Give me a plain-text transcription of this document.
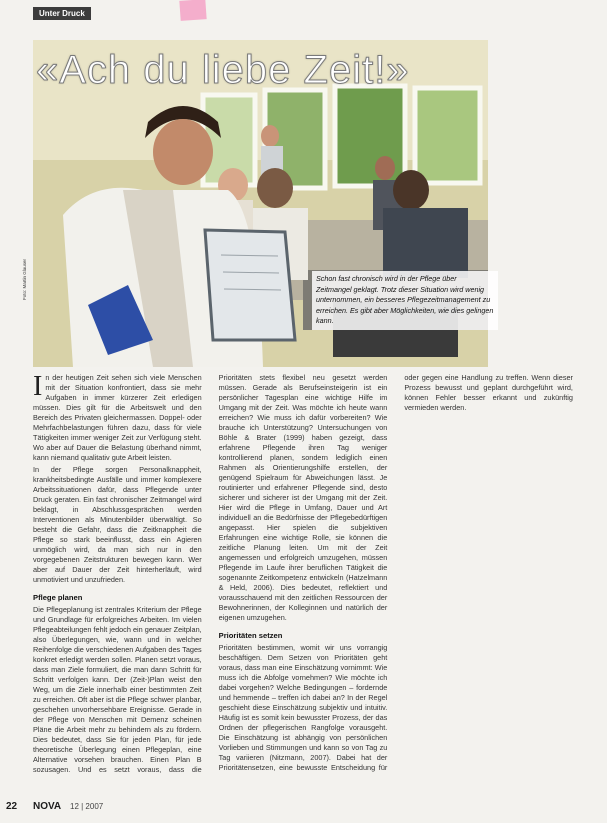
Unter Druck
«Ach du liebe Zeit!»
Schon fast chronisch wird in der Pflege über Zeitmangel geklagt. Trotz dieser Situation wird wenig unternommen, ein besseres Pflegezeitmanagement zu erreichen. Es gibt aber Möglichkeiten, wie dies gelingen kann.
Foto: Martin Glauser

In der heutigen Zeit sehen sich viele Menschen mit der Situation konfrontiert, dass sie mehr Aufgaben in immer kürzerer Zeit erledigen müssen. Dies gilt für die Arbeitswelt und den Bereich des Privaten gleichermassen. Doppel- oder Mehrfachbelastungen führen dazu, dass für viele Tätigkeiten immer weniger Zeit zur Verfügung steht. Wo aber auf Dauer die Belastung überhand nimmt, kann niemand qualitativ gute Arbeit leisten.

In der Pflege sorgen Personalknappheit, krankheitsbedingte Ausfälle und immer komplexere Arbeitssituationen dafür, dass Pflegende unter Druck geraten. Ein fast chronischer Zeitmangel wird beklagt, in Abschlussgesprächen werden Interventionen als Minutenbilder überwältigt. So besteht die Gefahr, dass die Zeitknappheit die Pflege so stark beeinflusst, dass ein Agieren unmöglich wird, da man sich nur in den vorgegebenen Zeitstrukturen bewegen kann. Wer aber auf Dauer der Zeit hinterherläuft, wird unmotiviert und unzufrieden.

Pflege planen

Die Pflegeplanung ist zentrales Kriterium der Pflege und Grundlage für erfolgreiches Arbeiten. Im vielen Pflegeabteilungen fehlt jedoch ein genauer Zeitplan, also Überlegungen, wie, wann und in welcher Reihenfolge die verschiedenen Aufgaben des Tages konkret erledigt werden sollen. Planen setzt voraus, dass man Ziele formuliert, die man dann Schritt für Schritt verfolgen kann. Der (Zeit-)Plan weist den Weg, um die Ziele innerhalb einer bestimmten Zeit zu erreichen. Oft aber ist die Pflege schwer planbar, geschehen unvorhersehbare Ereignisse. Gerade in der Pflege von Menschen mit Demenz scheinen Pläne die Arbeit mehr zu behindern als zu fördern. Dies bedeutet, dass Sie für jeden Plan, für jede theoretische Überlegung einen Pflegeplan, eine Alternative vorsehen brauchen. Einen Plan B sozusagen. Und es setzt voraus, dass die Prioritäten stets flexibel neu gesetzt werden müssen. Gerade als Berufseinsteigerin ist ein persönlicher Tagesplan eine wichtige Hilfe im Umgang mit der Zeit. Was möchte ich heute wann erreichen? Wie muss ich dafür vorbereiten? Wie brauche ich Unterstützung? Untersuchungen von Böhle & Brater (1999) haben gezeigt, dass erfahrene Pflegende ihren Tag weniger kontrollierend planen, sondern lediglich einen Rahmen als Orientierungshilfe erstellen, der genügend Spielraum für Abweichungen lässt. Je routinierter und erfahrener Pflegende sind, desto sicherer und sicherer ist der Umgang mit der Zeit. Hier wird die Pflege in Umfang, Dauer und Art individuell an die Bedürfnisse der Pflegebedürftigen angepasst. Hier spielen die subjektiven Erfahrungen eine wichtige Rolle, sie können die zeitliche Planung leiten. Um mit der Zeit angemessen und erfolgreich umzugehen, müssen Pflegende im Laufe ihrer beruflichen Tätigkeit die sogenannte Zeitkompetenz entwickeln (Hatzelmann & Held, 2006). Dies bedeutet, reflektiert und vorausschauend mit den zeitlichen Ressourcen der Bewohnerinnen, der Kolleginnen und natürlich der eigenen umzugehen.

Prioritäten setzen

Prioritäten bestimmen, womit wir uns vorrangig beschäftigen. Dem Setzen von Prioritäten geht voraus, dass man eine Einschätzung vornimmt: Wie muss ich die Abfolge vornehmen? Wie möchte ich dabei vorgehen? Welche Bedingungen – fordernde und hemmende – treffen ich dabei an? In der Regel geschieht diese Einschätzung subjektiv und intuitiv. Häufig ist es somit kein bewusster Prozess, der das Ordnen der pflegerischen Rangfolge vorausgeht. Die Einschätzung ist abhängig von persönlichen Vorlieben und Stimmungen und kann so von Tag zu Tag variieren (Nitzmann, 2007). Dabei hat der Prioritätensetzen, eine bewusste Entscheidung für oder gegen eine Handlung zu treffen. Wenn dieser Prozess bewusst und geplant durchgeführt wird, können Fehler besser erkannt und zukünftig vermieden werden.

22 NOVA 12 | 2007
